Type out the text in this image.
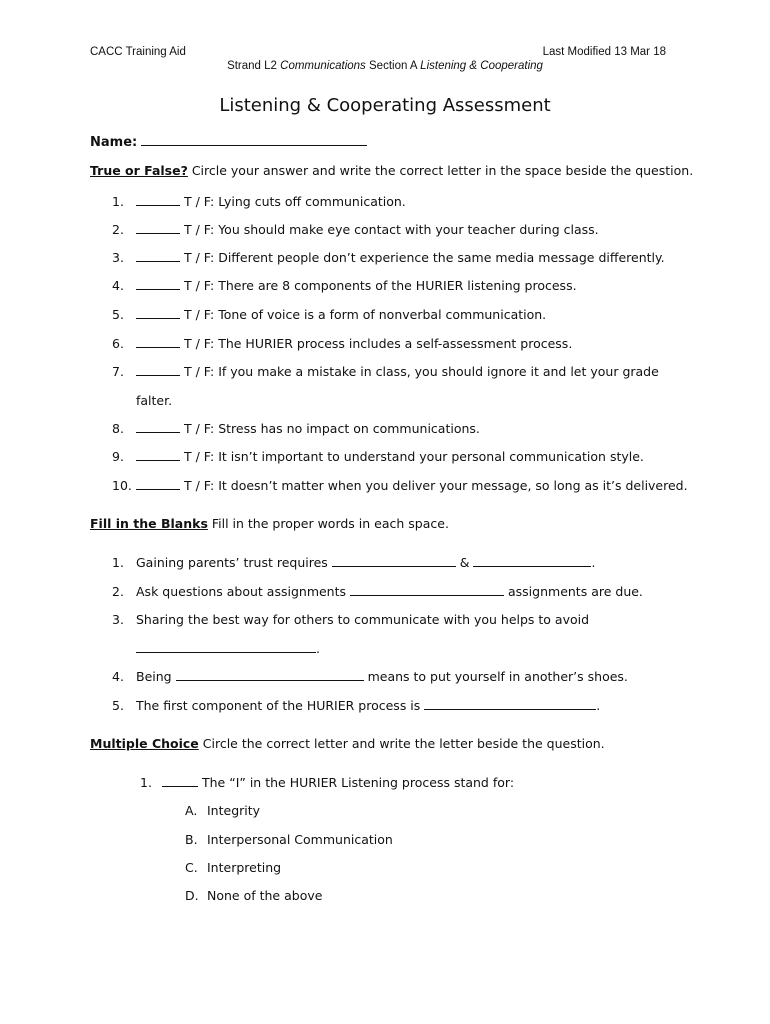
CACC Training Aid	Last Modified 13 Mar 18
Strand L2 Communications Section A Listening & Cooperating
Listening & Cooperating Assessment
Name:
True or False? Circle your answer and write the correct letter in the space beside the question.
1.	T / F: Lying cuts off communication.
2.	T / F: You should make eye contact with your teacher during class.
3.	T / F: Different people don’t experience the same media message differently.
4.	T / F: There are 8 components of the HURIER listening process.
5.	T / F: Tone of voice is a form of nonverbal communication.
6.	T / F: The HURIER process includes a self-assessment process.
7.	T / F: If you make a mistake in class, you should ignore it and let your grade
falter.
8.	T / F: Stress has no impact on communications.
9.	T / F: It isn’t important to understand your personal communication style.
10.	T / F: It doesn’t matter when you deliver your message, so long as it’s delivered.
Fill in the Blanks Fill in the proper words in each space.
1. Gaining parents’ trust requires	&	.
2. Ask questions about assignments	assignments are due.
3. Sharing the best way for others to communicate with you helps to avoid
.
4. Being	means to put yourself in another’s shoes.
5. The first component of the HURIER process is	.
Multiple Choice Circle the correct letter and write the letter beside the question.
1.	The “I” in the HURIER Listening process stand for:
A. Integrity
B. Interpersonal Communication
C. Interpreting
D. None of the above
